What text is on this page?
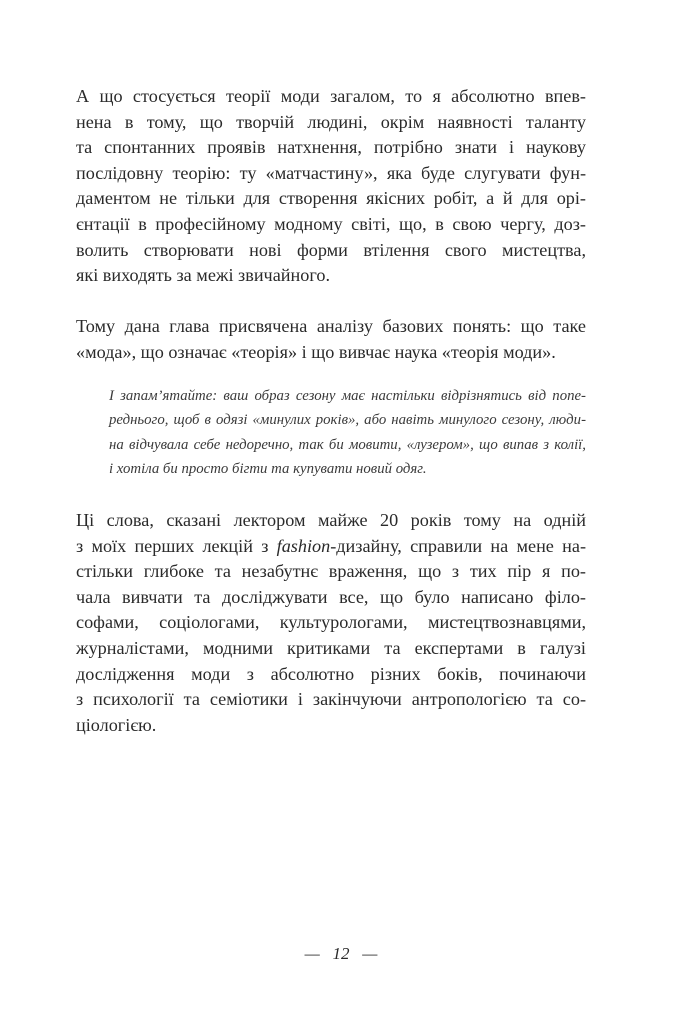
А що стосується теорії моди загалом, то я абсолютно впев-
нена в тому, що творчій людині, окрім наявності таланту
та спонтанних проявів натхнення, потрібно знати і наукову
послідовну теорію: ту «матчастину», яка буде слугувати фун-
даментом не тільки для створення якісних робіт, а й для орі-
єнтації в професійному модному світі, що, в свою чергу, доз-
волить створювати нові форми втілення свого мистецтва,
які виходять за межі звичайного.
Тому дана глава присвячена аналізу базових понять: що таке
«мода», що означає «теорія» і що вивчає наука «теорія моди».
І запам’ятайте: ваш образ сезону має настільки відрізнятись від попе-
реднього, щоб в одязі «минулих років», або навіть минулого сезону, люди-
на відчувала себе недоречно, так би мовити, «лузером», що випав з колії,
і хотіла би просто бігти та купувати новий одяг.
Ці слова, сказані лектором майже 20 років тому на одній
з моїх перших лекцій з fashion-дизайну, справили на мене на-
стільки глибоке та незабутнє враження, що з тих пір я по-
чала вивчати та досліджувати все, що було написано філо-
софами, соціологами, культурологами, мистецтвознавцями,
журналістами, модними критиками та експертами в галузі
дослідження моди з абсолютно різних боків, починаючи
з психології та семіотики і закінчуючи антропологією та со-
ціологією.
—   12   —
